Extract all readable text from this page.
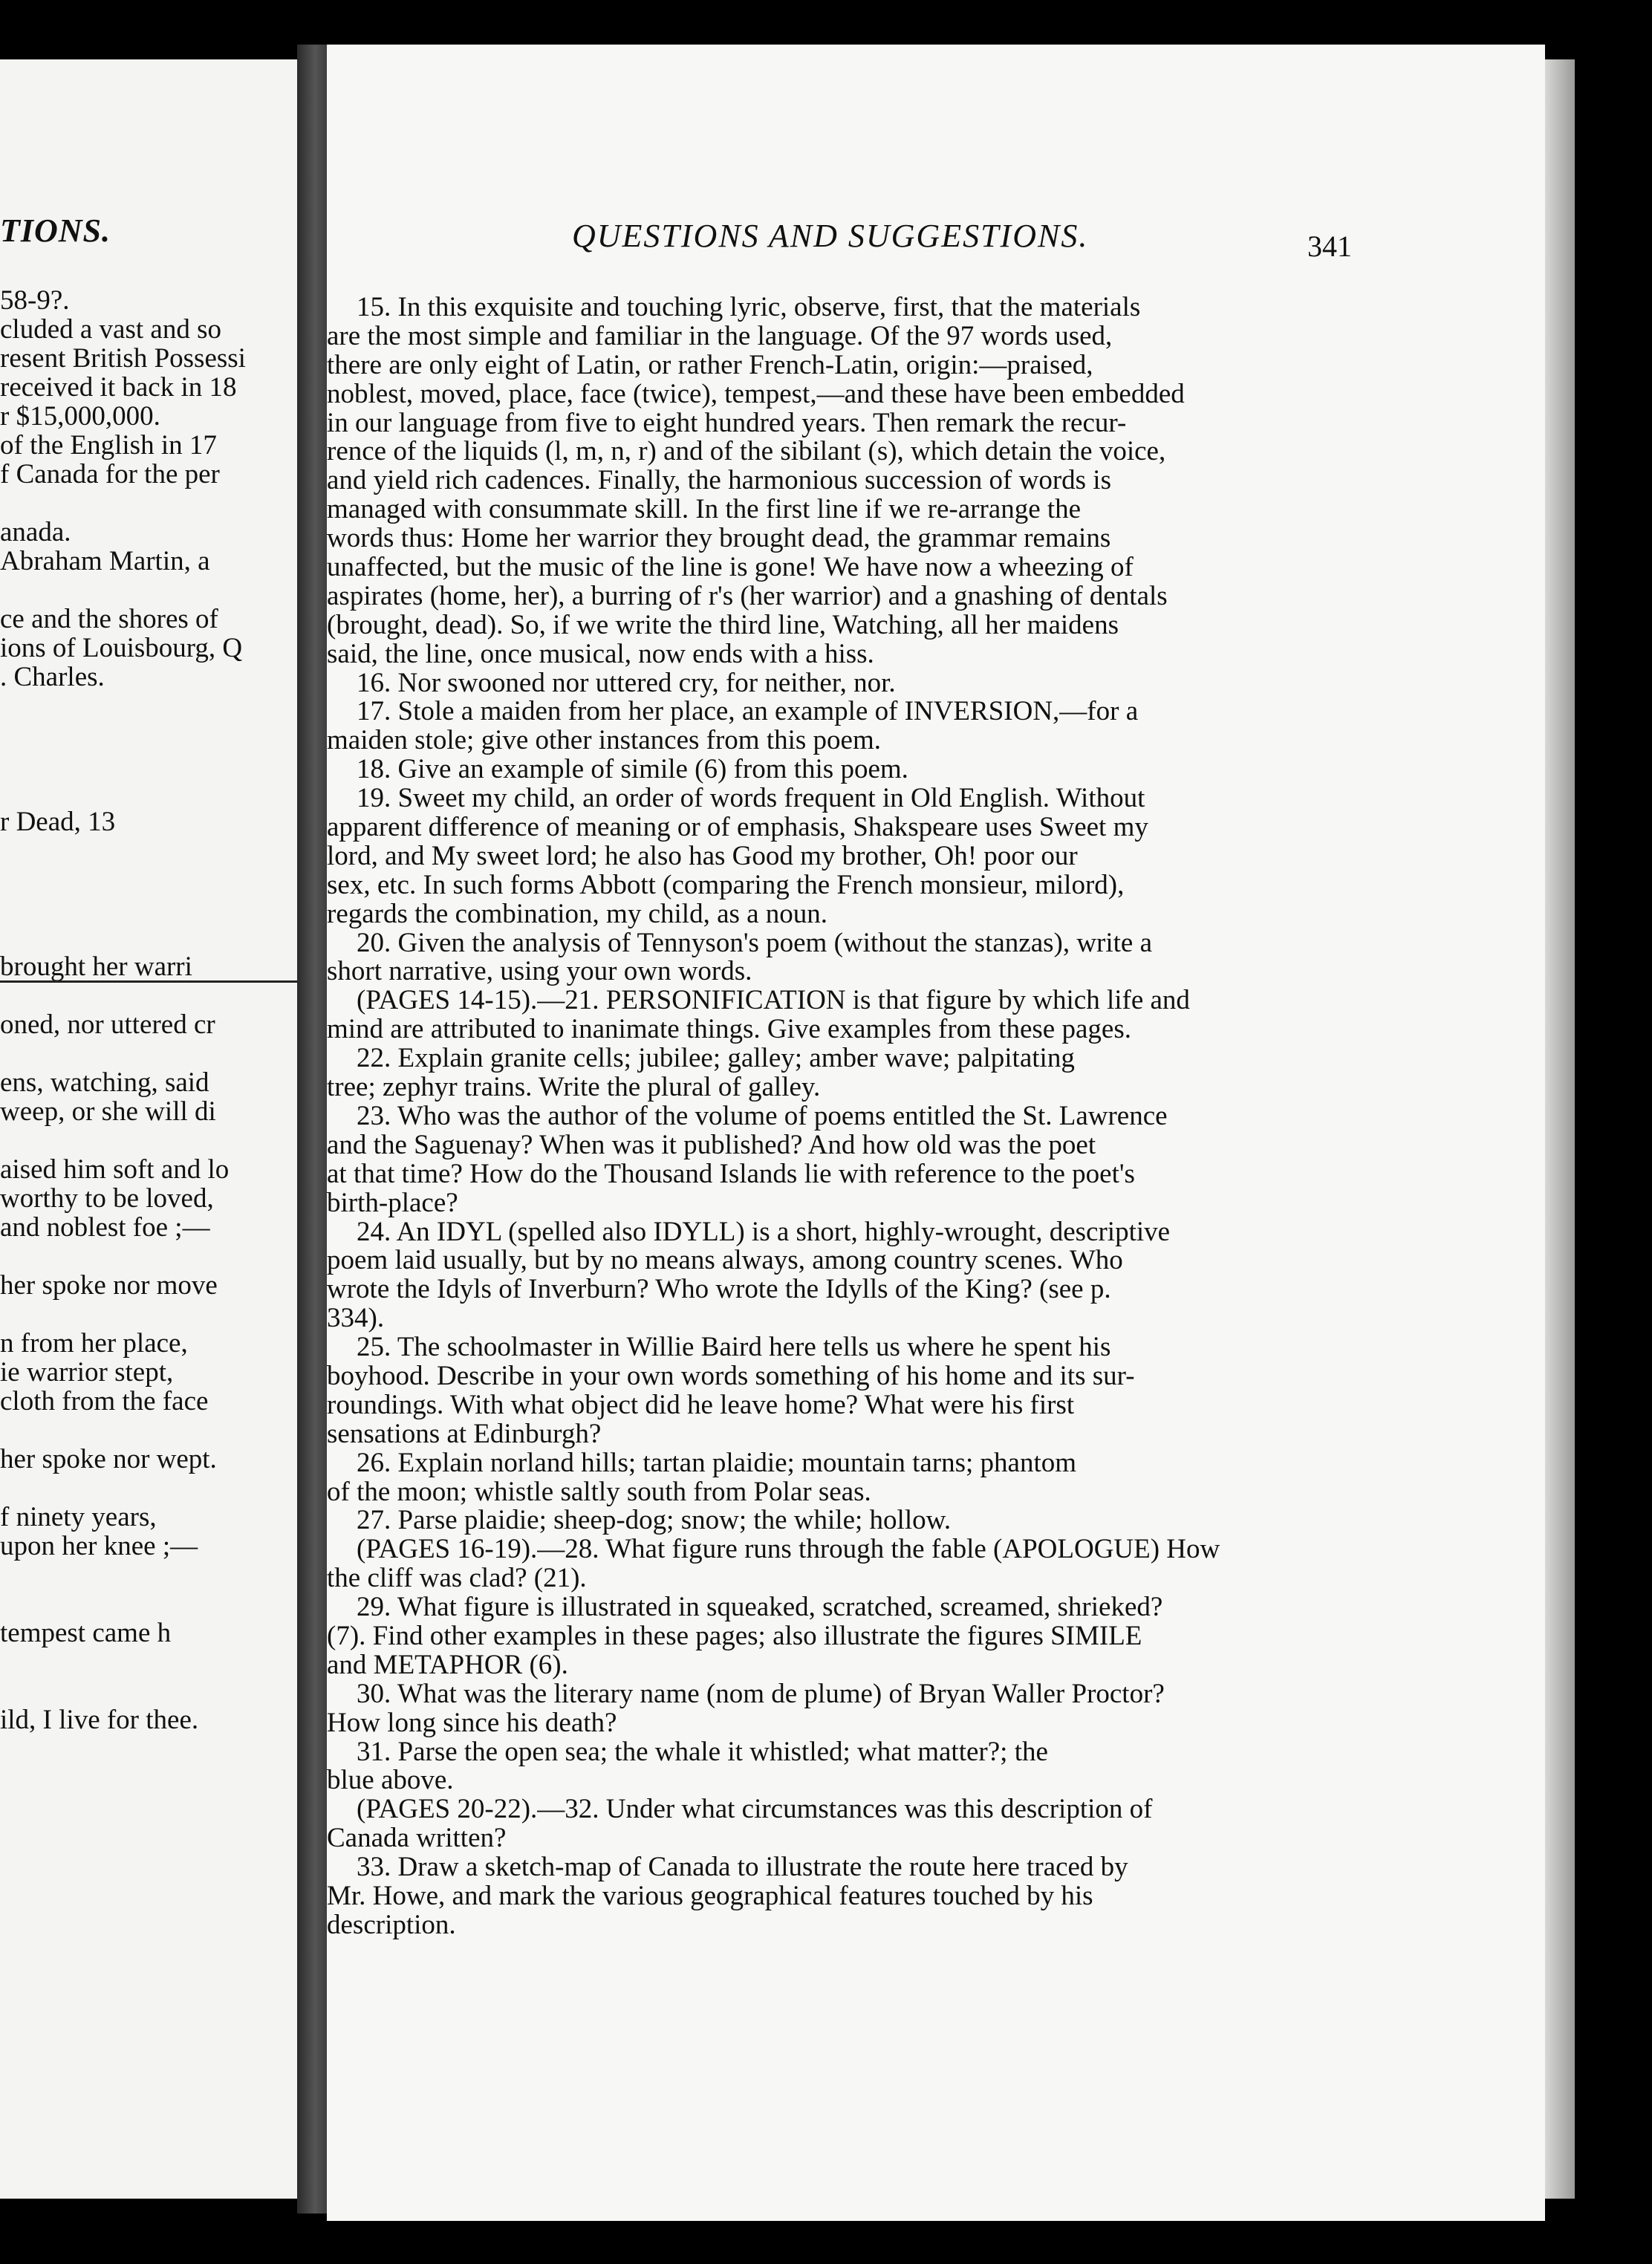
TIONS.
58-9?.
cluded a vast and so
resent British Possessi
received it back in 18
r $15,000,000.
of the English in 17
f Canada for the per
anada.
Abraham Martin, a
ce and the shores of
ions of Louisbourg, Q
. Charles.
r Dead, 13
brought her warri
oned, nor uttered cr
ens, watching, said
weep, or she will di
aised him soft and lo
worthy to be loved,
and noblest foe ;—
her spoke nor move
n from her place,
ie warrior stept,
cloth from the face
her spoke nor wept.
f ninety years,
upon her knee ;—
tempest came h
ild, I live for thee.
QUESTIONS AND SUGGESTIONS.	341
15. In this exquisite and touching lyric, observe, first, that the materials
are the most simple and familiar in the language. Of the 97 words used,
there are only eight of Latin, or rather French-Latin, origin:—praised,
noblest, moved, place, face (twice), tempest,—and these have been embedded
in our language from five to eight hundred years. Then remark the recur-
rence of the liquids (l, m, n, r) and of the sibilant (s), which detain the voice,
and yield rich cadences. Finally, the harmonious succession of words is
managed with consummate skill. In the first line if we re-arrange the
words thus: Home her warrior they brought dead, the grammar remains
unaffected, but the music of the line is gone! We have now a wheezing of
aspirates (home, her), a burring of r's (her warrior) and a gnashing of dentals
(brought, dead). So, if we write the third line, Watching, all her maidens
said, the line, once musical, now ends with a hiss.
16. Nor swooned nor uttered cry, for neither, nor.
17. Stole a maiden from her place, an example of INVERSION,—for a
maiden stole; give other instances from this poem.
18. Give an example of simile (6) from this poem.
19. Sweet my child, an order of words frequent in Old English. Without
apparent difference of meaning or of emphasis, Shakspeare uses Sweet my
lord, and My sweet lord; he also has Good my brother, Oh! poor our
sex, etc. In such forms Abbott (comparing the French monsieur, milord),
regards the combination, my child, as a noun.
20. Given the analysis of Tennyson's poem (without the stanzas), write a
short narrative, using your own words.
(PAGES 14-15).—21. PERSONIFICATION is that figure by which life and
mind are attributed to inanimate things. Give examples from these pages.
22. Explain granite cells; jubilee; galley; amber wave; palpitating
tree; zephyr trains. Write the plural of galley.
23. Who was the author of the volume of poems entitled the St. Lawrence
and the Saguenay? When was it published? And how old was the poet
at that time? How do the Thousand Islands lie with reference to the poet's
birth-place?
24. An IDYL (spelled also IDYLL) is a short, highly-wrought, descriptive
poem laid usually, but by no means always, among country scenes. Who
wrote the Idyls of Inverburn? Who wrote the Idylls of the King? (see p.
334).
25. The schoolmaster in Willie Baird here tells us where he spent his
boyhood. Describe in your own words something of his home and its sur-
roundings. With what object did he leave home? What were his first
sensations at Edinburgh?
26. Explain norland hills; tartan plaidie; mountain tarns; phantom
of the moon; whistle saltly south from Polar seas.
27. Parse plaidie; sheep-dog; snow; the while; hollow.
(PAGES 16-19).—28. What figure runs through the fable (APOLOGUE) How
the cliff was clad? (21).
29. What figure is illustrated in squeaked, scratched, screamed, shrieked?
(7). Find other examples in these pages; also illustrate the figures SIMILE
and METAPHOR (6).
30. What was the literary name (nom de plume) of Bryan Waller Proctor?
How long since his death?
31. Parse the open sea; the whale it whistled; what matter?; the
blue above.
(PAGES 20-22).—32. Under what circumstances was this description of
Canada written?
33. Draw a sketch-map of Canada to illustrate the route here traced by
Mr. Howe, and mark the various geographical features touched by his
description.
